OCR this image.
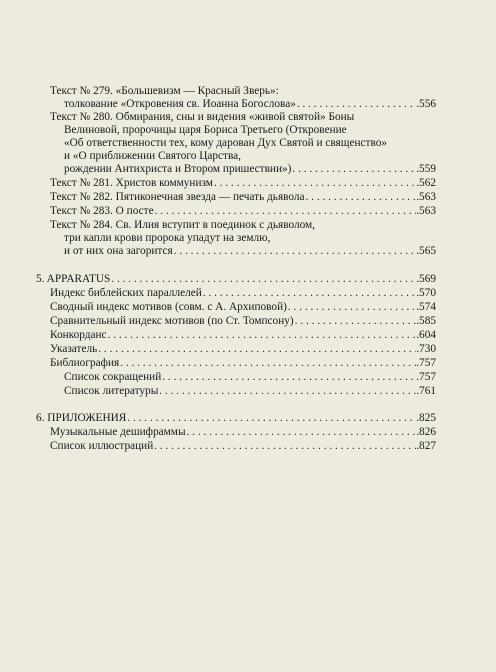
Текст № 279. «Большевизм — Красный Зверь»:
толкование «Откровения св. Иоанна Богослова» . . .	.556
Текст № 280. Обмирания, сны и видения «живой святой» Боны
Велиновой, пророчицы царя Бориса Третьего (Откровение
«Об ответственности тех, кому дарован Дух Святой и священство»
и «О приближении Святого Царства,
рождении Антихриста и Втором пришествии») . . .	.559
Текст № 281. Христов коммунизм . . .	.562
Текст № 282. Пятиконечная звезда — печать дьявола . . .	.563
Текст № 283. О посте . . .	.563
Текст № 284. Св. Илия вступит в поединок с дьяволом,
три капли крови пророка упадут на землю,
и от них она загорится . . .	.565
5. APPARATUS . . .	.569
Индекс библейских параллелей . . .	.570
Сводный индекс мотивов (совм. с А. Архиповой) . . .	.574
Сравнительный индекс мотивов (по Ст. Томпсону) . . .	.585
Конкорданс . . .	.604
Указатель . . .	.730
Библиография . . .	.757
Список сокращений . . .	.757
Список литературы . . .	.761
6. ПРИЛОЖЕНИЯ . . .	.825
Музыкальные дешифраммы . . .	.826
Список иллюстраций . . .	.827
